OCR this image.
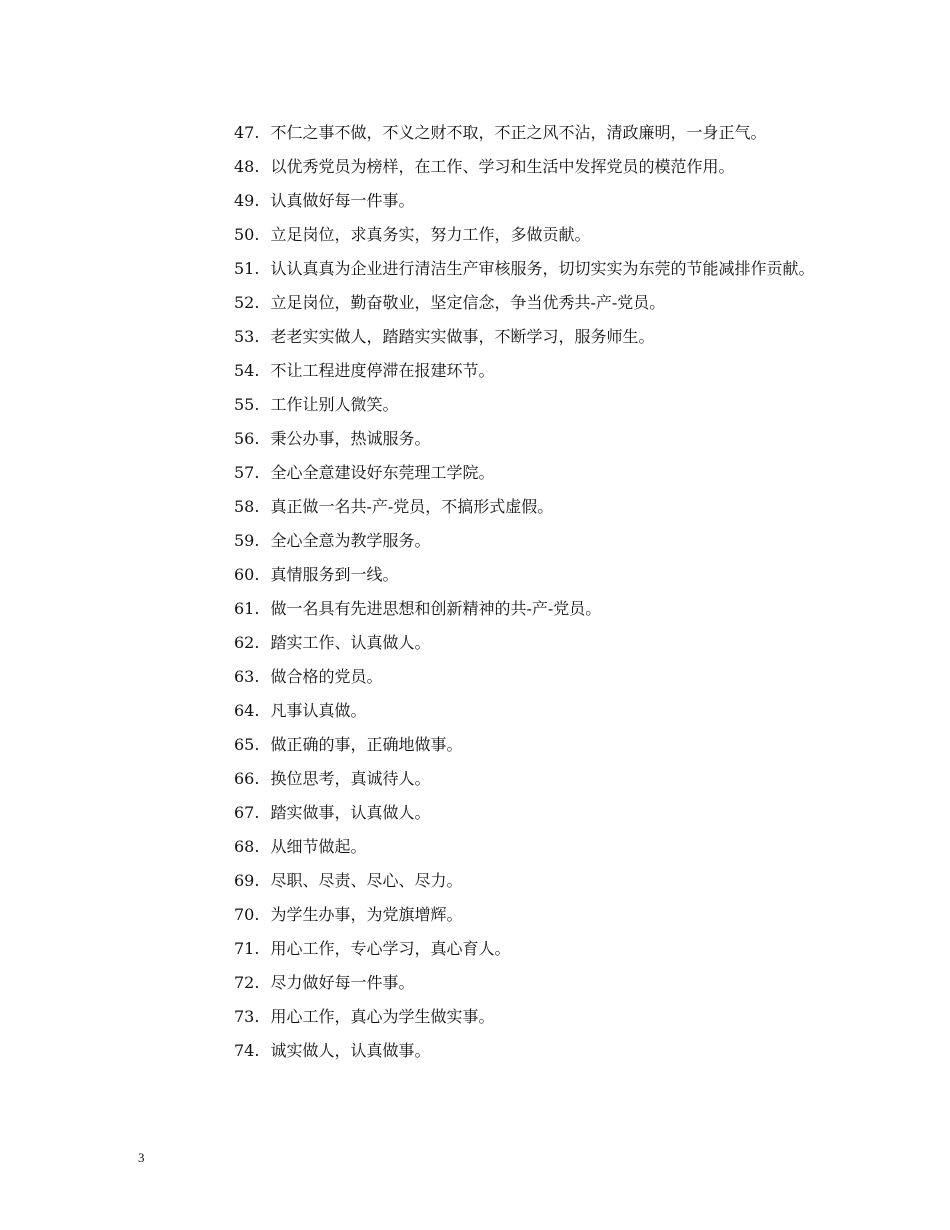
47. 不仁之事不做，不义之财不取，不正之风不沾，清政廉明，一身正气。

48. 以优秀党员为榜样，在工作、学习和生活中发挥党员的模范作用。

49. 认真做好每一件事。

50. 立足岗位，求真务实，努力工作，多做贡献。

51. 认认真真为企业进行清洁生产审核服务，切切实实为东莞的节能减排作贡献。

52. 立足岗位，勤奋敬业，坚定信念，争当优秀共-产-党员。

53. 老老实实做人，踏踏实实做事，不断学习，服务师生。

54. 不让工程进度停滞在报建环节。

55. 工作让别人微笑。

56. 秉公办事，热诚服务。

57. 全心全意建设好东莞理工学院。

58. 真正做一名共-产-党员，不搞形式虚假。

59. 全心全意为教学服务。

60. 真情服务到一线。

61. 做一名具有先进思想和创新精神的共-产-党员。

62. 踏实工作、认真做人。

63. 做合格的党员。

64. 凡事认真做。

65. 做正确的事，正确地做事。

66. 换位思考，真诚待人。

67. 踏实做事，认真做人。

68. 从细节做起。

69. 尽职、尽责、尽心、尽力。

70. 为学生办事，为党旗增辉。

71. 用心工作，专心学习，真心育人。

72. 尽力做好每一件事。

73. 用心工作，真心为学生做实事。

74. 诚实做人，认真做事。

3
